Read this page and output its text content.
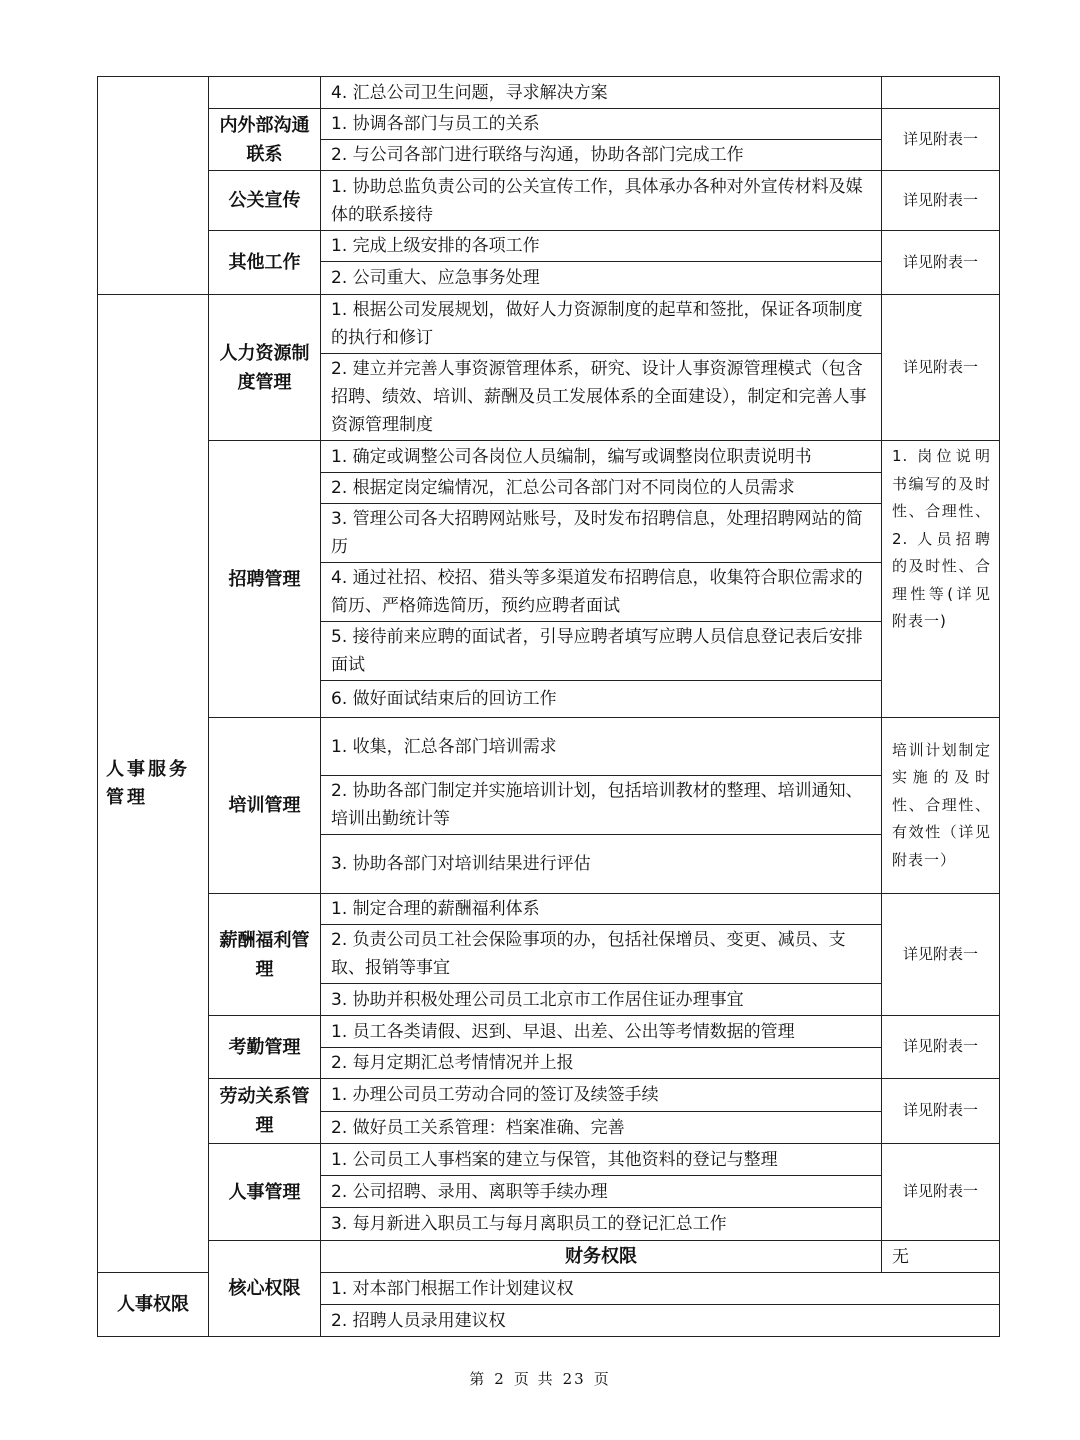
		4. 汇总公司卫生问题，寻求解决方案	
	内外部沟通联系	1. 协调各部门与员工的关系	详见附表一
		2. 与公司各部门进行联络与沟通，协助各部门完成工作	
	公关宣传	1. 协助总监负责公司的公关宣传工作，具体承办各种对外宣传材料及媒体的联系接待	详见附表一
	其他工作	1. 完成上级安排的各项工作	详见附表一
		2. 公司重大、应急事务处理	

人事服务管理	人力资源制度管理	1. 根据公司发展规划，做好人力资源制度的起草和签批，保证各项制度的执行和修订	详见附表一
		2. 建立并完善人事资源管理体系，研究、设计人事资源管理模式（包含招聘、绩效、培训、薪酬及员工发展体系的全面建设），制定和完善人事资源管理制度	
	招聘管理	1. 确定或调整公司各岗位人员编制，编写或调整岗位职责说明书	1. 岗位说明书编写的及时性、合理性、2. 人员招聘的及时性、合理性等(详见附表一)
		2. 根据定岗定编情况，汇总公司各部门对不同岗位的人员需求	
		3. 管理公司各大招聘网站账号，及时发布招聘信息，处理招聘网站的简历	
		4. 通过社招、校招、猎头等多渠道发布招聘信息，收集符合职位需求的简历、严格筛选简历，预约应聘者面试	
		5. 接待前来应聘的面试者，引导应聘者填写应聘人员信息登记表后安排面试	
		6. 做好面试结束后的回访工作	
	培训管理	1. 收集，汇总各部门培训需求	培训计划制定实施的及时性、合理性、有效性（详见附表一）
		2. 协助各部门制定并实施培训计划，包括培训教材的整理、培训通知、培训出勤统计等	
		3. 协助各部门对培训结果进行评估	
	薪酬福利管理	1. 制定合理的薪酬福利体系	详见附表一
		2. 负责公司员工社会保险事项的办，包括社保增员、变更、减员、支取、报销等事宜	
		3. 协助并积极处理公司员工北京市工作居住证办理事宜	
	考勤管理	1. 员工各类请假、迟到、早退、出差、公出等考情数据的管理	详见附表一
		2. 每月定期汇总考情情况并上报	
	劳动关系管理	1. 办理公司员工劳动合同的签订及续签手续	详见附表一
		2. 做好员工关系管理：档案准确、完善	
	人事管理	1. 公司员工人事档案的建立与保管，其他资料的登记与整理	详见附表一
		2. 公司招聘、录用、离职等手续办理	
		3. 每月新进入职员工与每月离职员工的登记汇总工作	
	核心权限	财务权限	无
人事权限		1. 对本部门根据工作计划建议权	
		2. 招聘人员录用建议权	
第 2 页 共 23 页
